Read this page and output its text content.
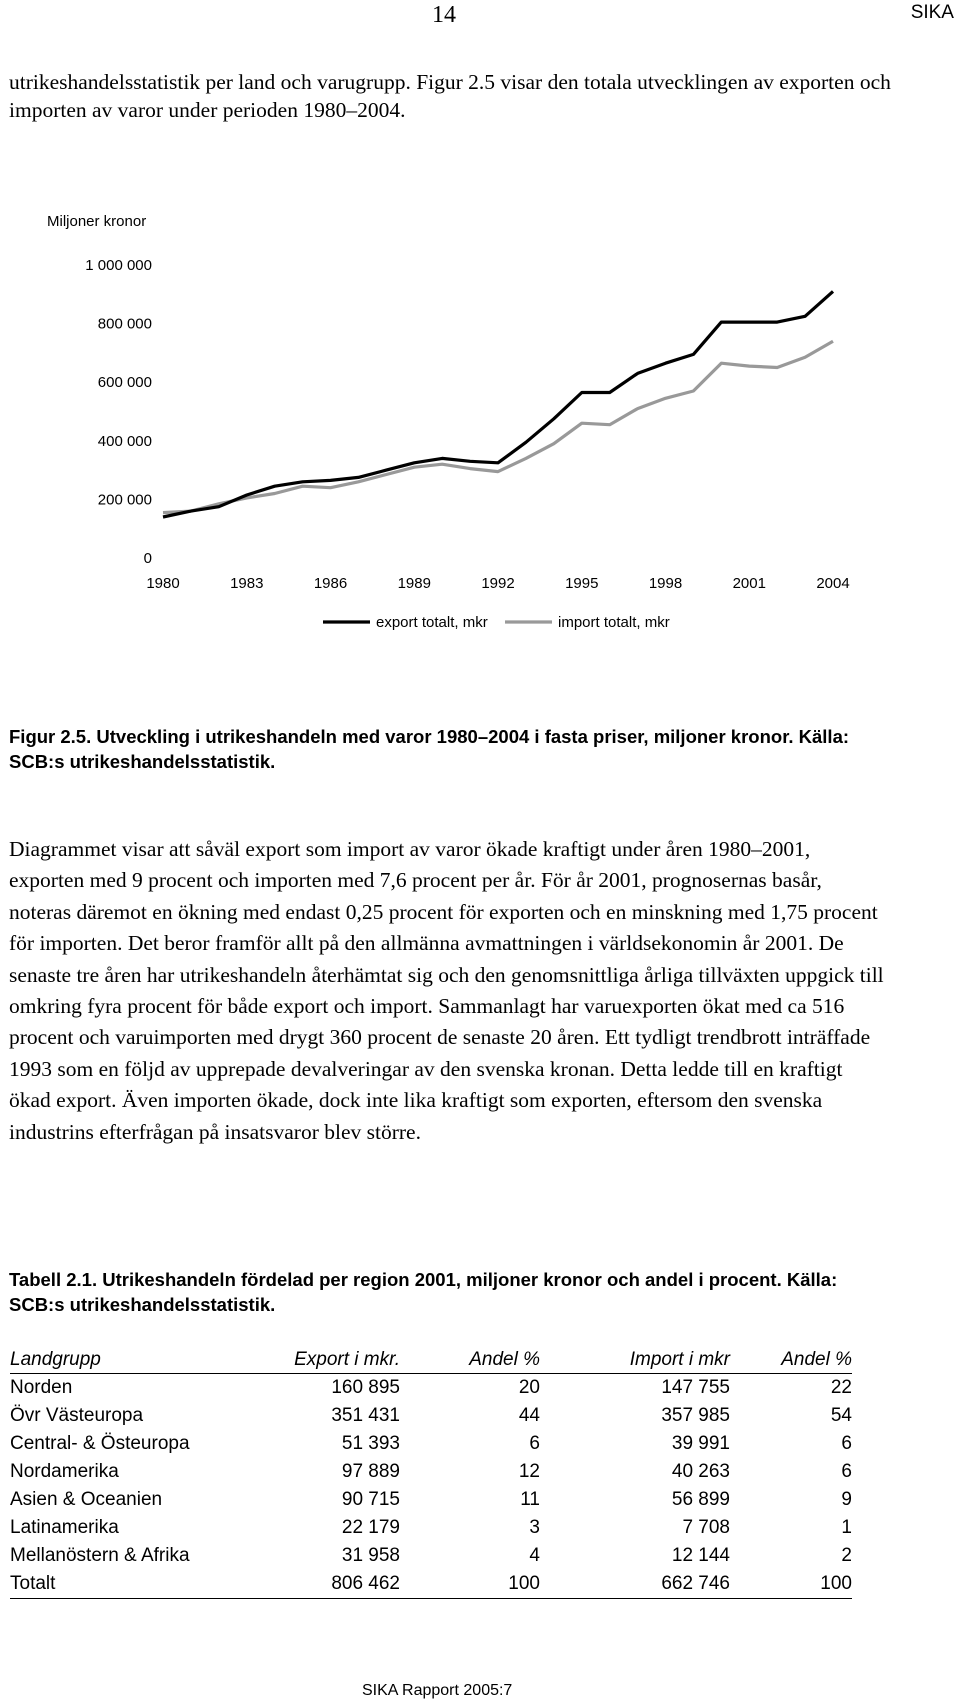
14	SIKA
utrikeshandelsstatistik per land och varugrupp. Figur 2.5 visar den totala utvecklingen av exporten och importen av varor under perioden 1980–2004.
Miljoner kronor
0
200 000
400 000
600 000
800 000
1 000 000
1980	1983	1986	1989	1992	1995	1998	2001	2004
export totalt, mkr	import totalt, mkr
Figur 2.5. Utveckling i utrikeshandeln med varor 1980–2004 i fasta priser, miljoner kronor. Källa: SCB:s utrikeshandelsstatistik.
Diagrammet visar att såväl export som import av varor ökade kraftigt under åren 1980–2001, exporten med 9 procent och importen med 7,6 procent per år. För år 2001, prognosernas basår, noteras däremot en ökning med endast 0,25 procent för exporten och en minskning med 1,75 procent för importen. Det beror framför allt på den allmänna avmattningen i världsekonomin år 2001. De senaste tre åren har utrikeshandeln återhämtat sig och den genomsnittliga årliga tillväxten uppgick till omkring fyra procent för både export och import. Sammanlagt har varuexporten ökat med ca 516 procent och varuimporten med drygt 360 procent de senaste 20 åren. Ett tydligt trendbrott inträffade 1993 som en följd av upprepade devalveringar av den svenska kronan. Detta ledde till en kraftigt ökad export. Även importen ökade, dock inte lika kraftigt som exporten, eftersom den svenska industrins efterfrågan på insatsvaror blev större.
Tabell 2.1. Utrikeshandeln fördelad per region 2001, miljoner kronor och andel i procent. Källa: SCB:s utrikeshandelsstatistik.
Landgrupp	Export i mkr.	Andel %	Import i mkr	Andel %
Norden	160 895	20	147 755	22
Övr Västeuropa	351 431	44	357 985	54
Central- & Östeuropa	51 393	6	39 991	6
Nordamerika	97 889	12	40 263	6
Asien & Oceanien	90 715	11	56 899	9
Latinamerika	22 179	3	7 708	1
Mellanöstern & Afrika	31 958	4	12 144	2
Totalt	806 462	100	662 746	100
SIKA Rapport 2005:7
